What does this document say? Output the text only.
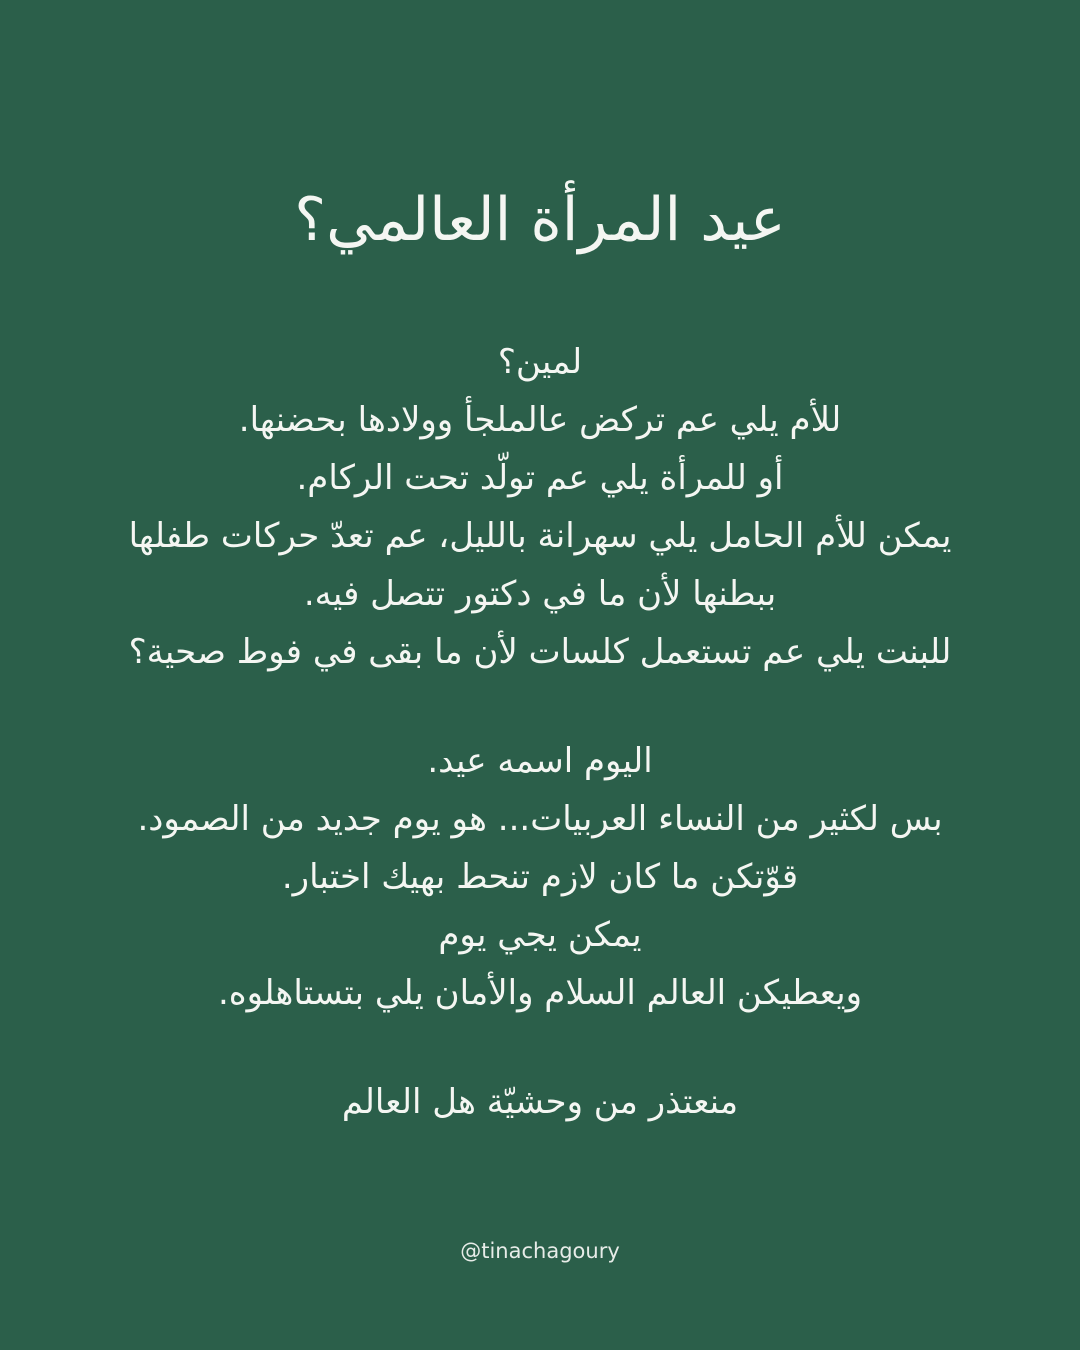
عيد المرأة العالمي؟
لمين؟
للأم يلي عم تركض عالملجأ وولادها بحضنها.
أو للمرأة يلي عم تولّد تحت الركام.
يمكن للأم الحامل يلي سهرانة بالليل، عم تعدّ حركات طفلها
ببطنها لأن ما في دكتور تتصل فيه.
للبنت يلي عم تستعمل كلسات لأن ما بقى في فوط صحية؟
اليوم اسمه عيد.
بس لكثير من النساء العربيات... هو يوم جديد من الصمود.
قوّتكن ما كان لازم تنحط بهيك اختبار.
يمكن يجي يوم
ويعطيكن العالم السلام والأمان يلي بتستاهلوه.
منعتذر من وحشيّة هل العالم
@tinachagoury
